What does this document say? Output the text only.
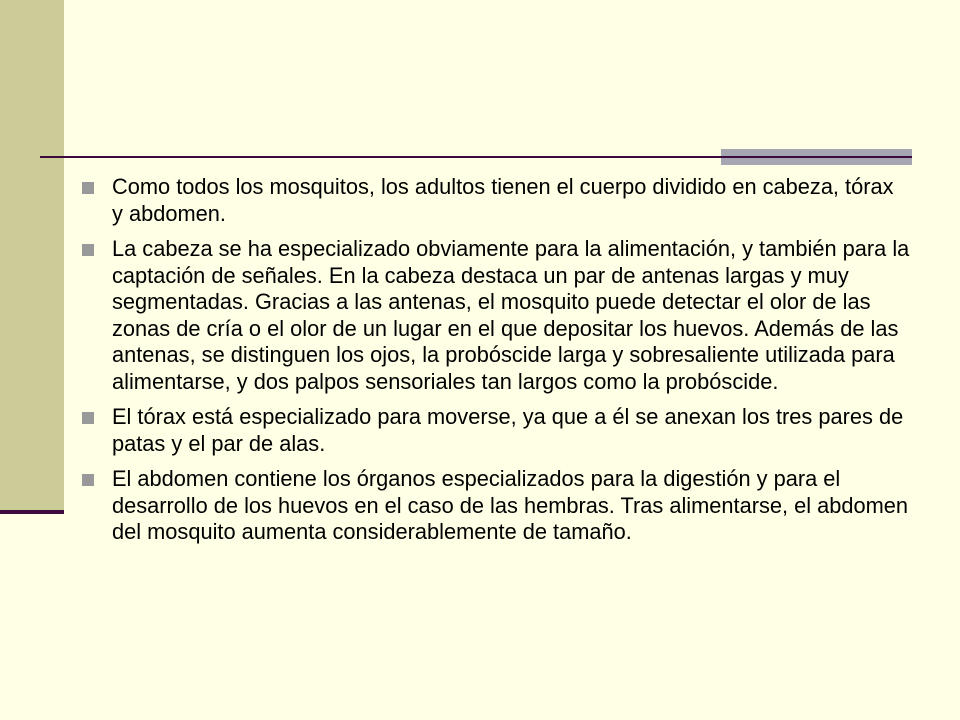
Como todos los mosquitos, los adultos tienen el cuerpo dividido en cabeza, tórax y abdomen.
La cabeza se ha especializado obviamente para la alimentación, y también para la captación de señales. En la cabeza destaca un par de antenas largas y muy segmentadas. Gracias a las antenas, el mosquito puede detectar el olor de las zonas de cría o el olor de un lugar en el que depositar los huevos. Además de las antenas, se distinguen los ojos, la probóscide larga y sobresaliente utilizada para alimentarse, y dos palpos sensoriales tan largos como la probóscide.
El tórax está especializado para moverse, ya que a él se anexan los tres pares de patas y el par de alas.
El abdomen contiene los órganos especializados para la digestión y para el desarrollo de los huevos en el caso de las hembras. Tras alimentarse, el abdomen del mosquito aumenta considerablemente de tamaño.
